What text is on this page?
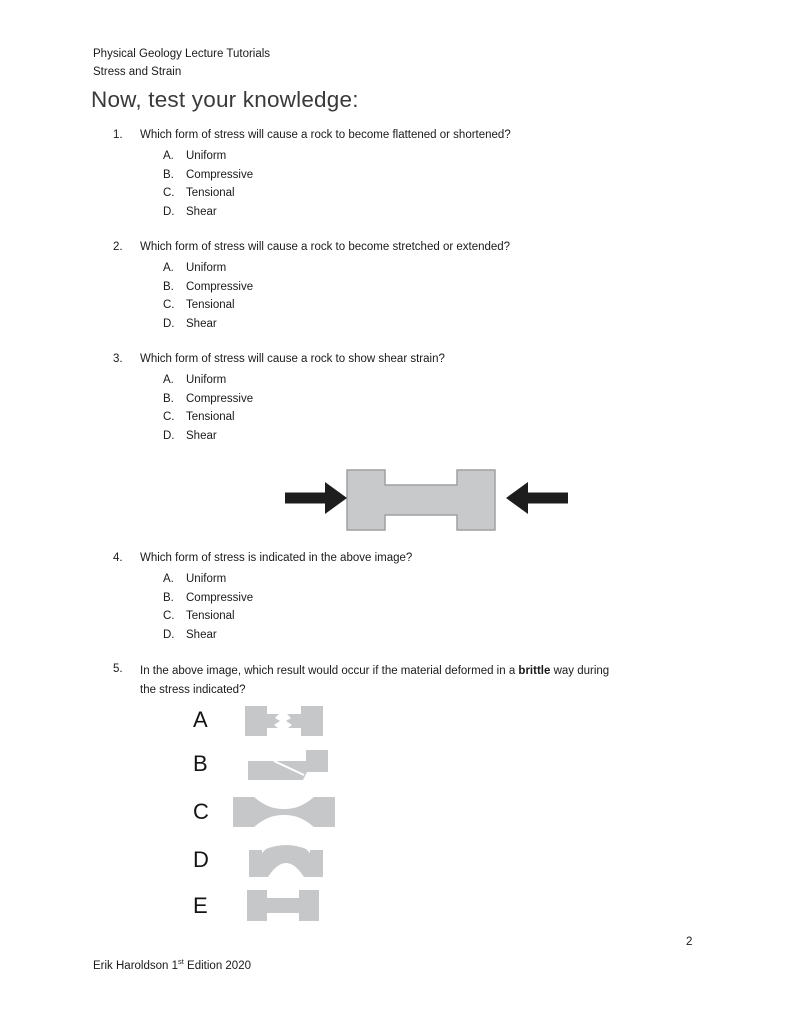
Physical Geology Lecture Tutorials
Stress and Strain
Now, test your knowledge:
1.	Which form of stress will cause a rock to become flattened or shortened?
A.	Uniform
B.	Compressive
C.	Tensional
D.	Shear
2.	Which form of stress will cause a rock to become stretched or extended?
A.	Uniform
B.	Compressive
C.	Tensional
D.	Shear
3.	Which form of stress will cause a rock to show shear strain?
A.	Uniform
B.	Compressive
C.	Tensional
D.	Shear
4.	Which form of stress is indicated in the above image?
A.	Uniform
B.	Compressive
C.	Tensional
D.	Shear
5.	In the above image, which result would occur if the material deformed in a brittle way during
the stress indicated?
A
B
C
D
E
2
Erik Haroldson 1st Edition 2020
